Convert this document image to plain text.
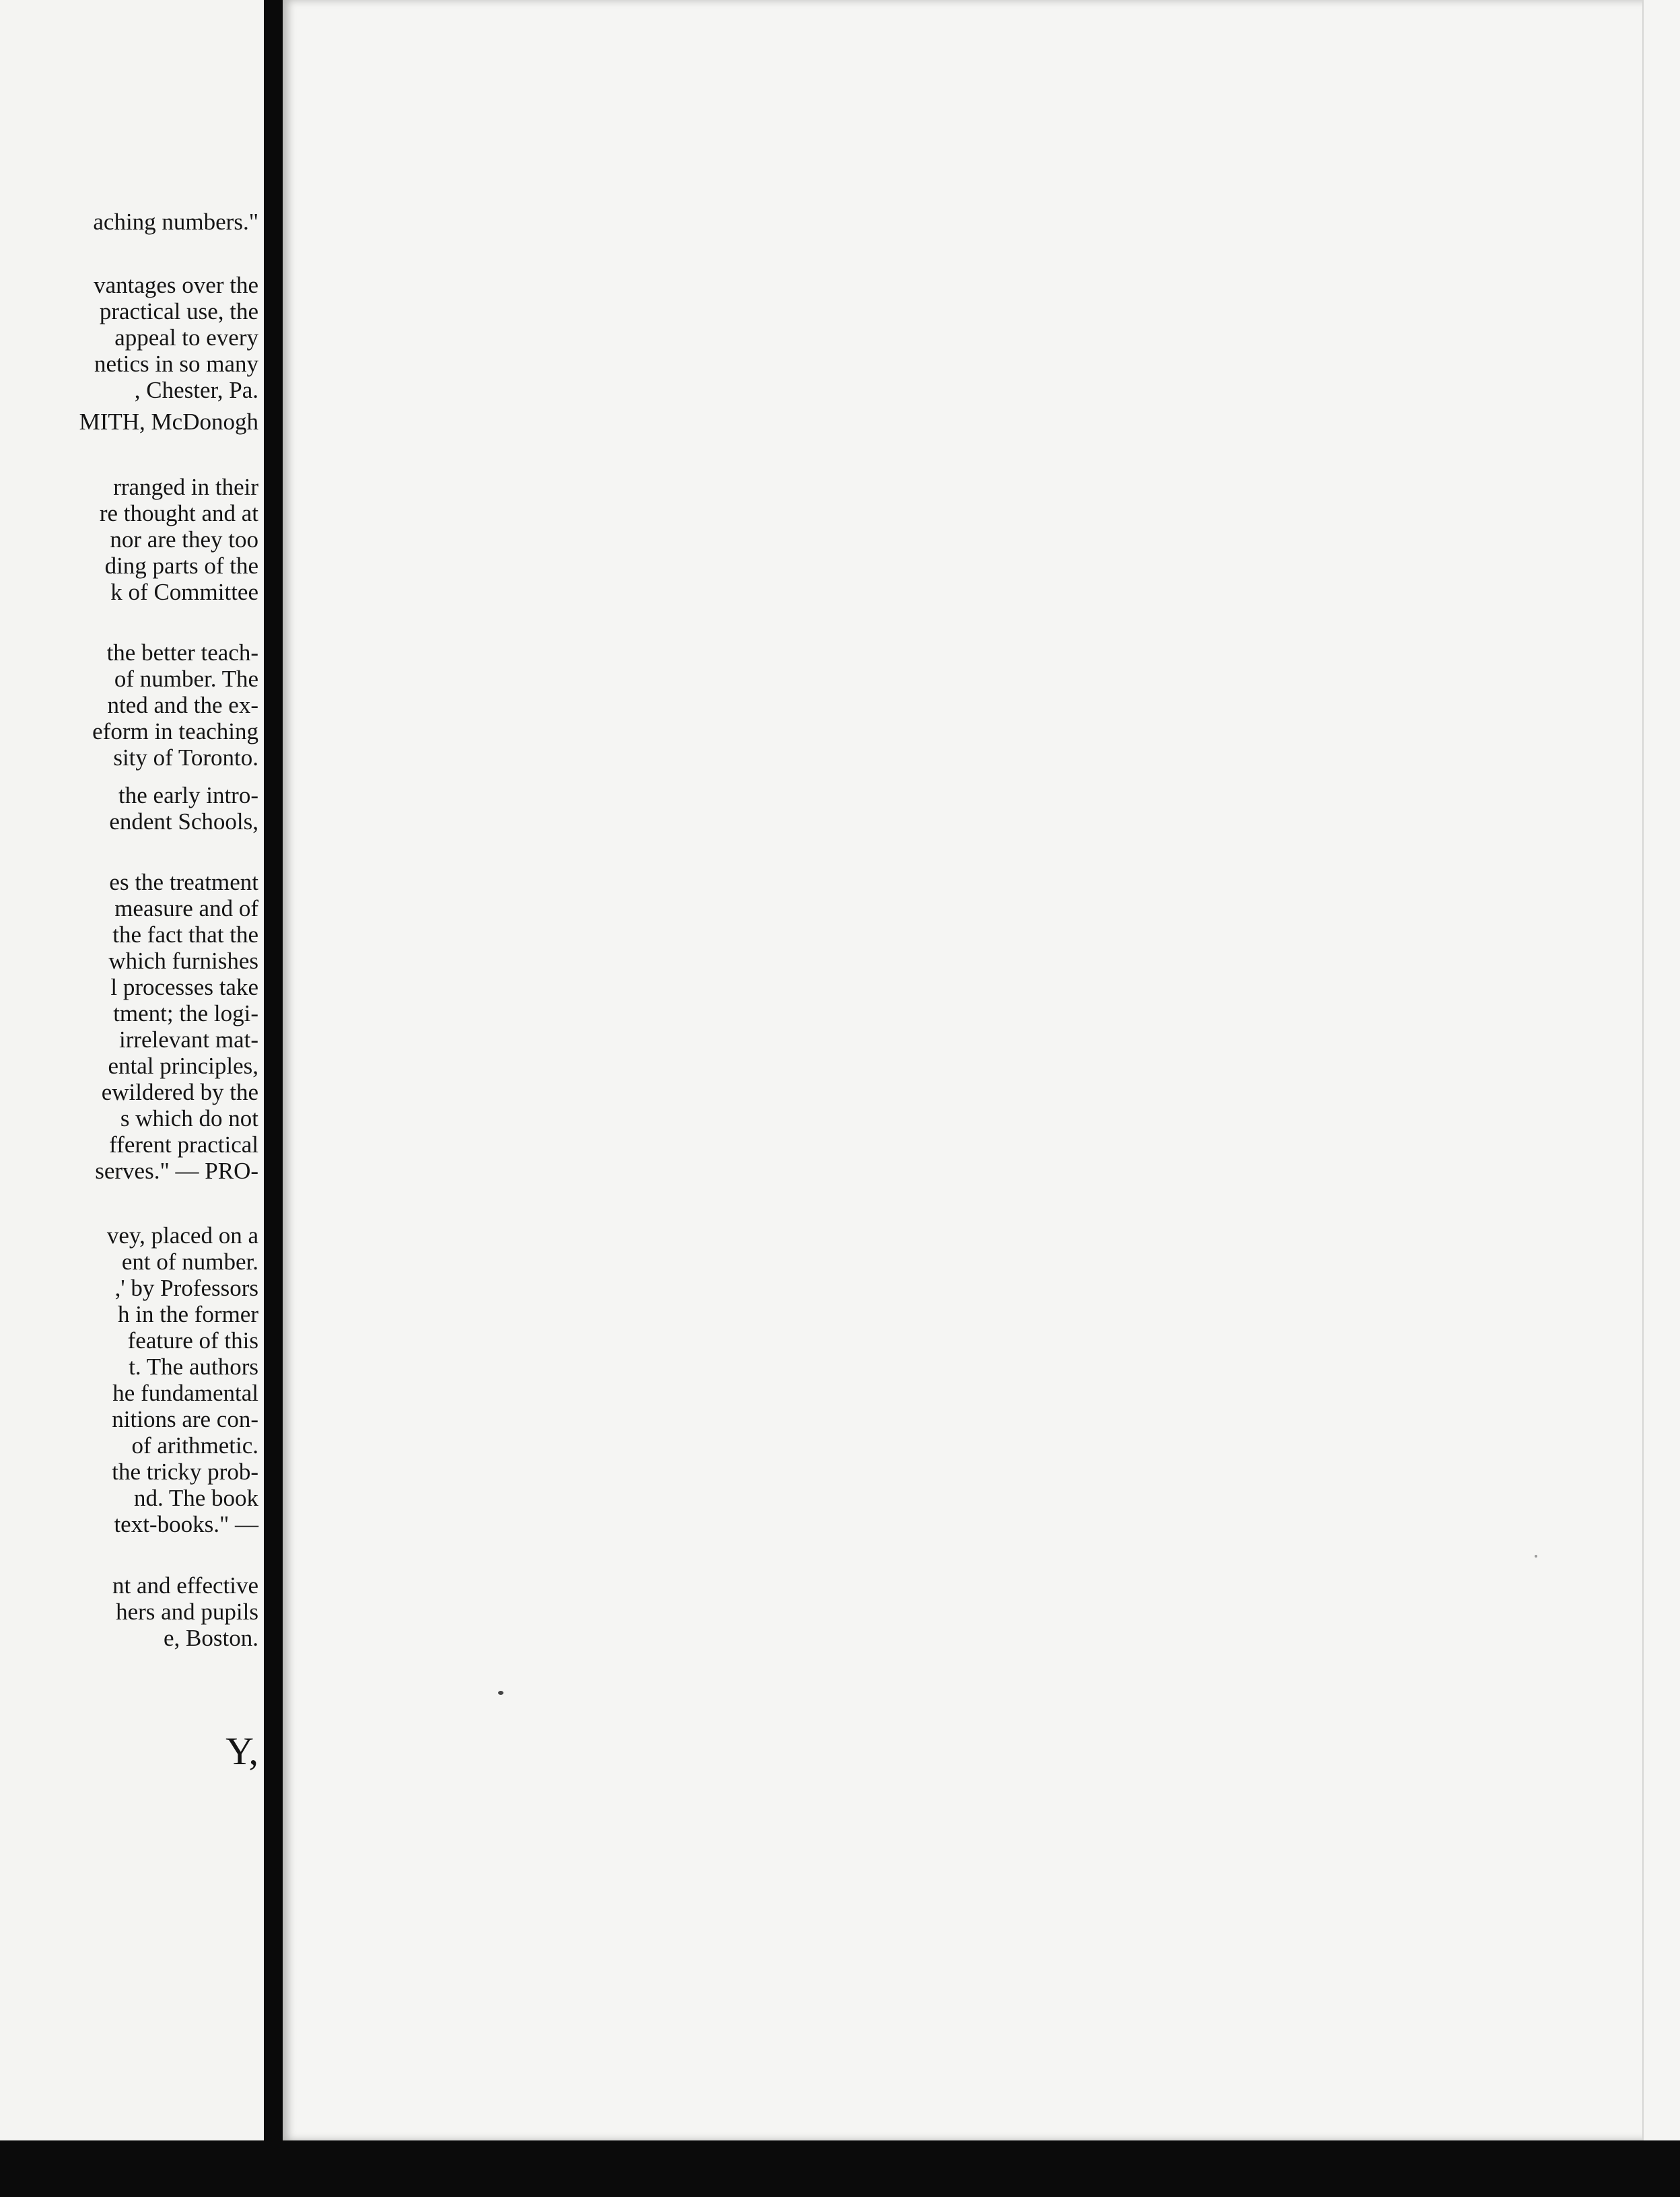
aching numbers."
vantages over the
practical use, the
appeal to every
netics in so many
, Chester, Pa.
MITH, McDonogh
rranged in their
re thought and at
nor are they too
ding parts of the
k of Committee
the better teach-
of number. The
nted and the ex-
eform in teaching
sity of Toronto.
the early intro-
endent Schools,
es the treatment
measure and of
the fact that the
which furnishes
l processes take
tment; the logi-
irrelevant mat-
ental principles,
ewildered by the
s which do not
fferent practical
serves." — PRO-
vey, placed on a
ent of number.
,' by Professors
h in the former
feature of this
t. The authors
he fundamental
nitions are con-
of arithmetic.
the tricky prob-
nd. The book
text-books." —
nt and effective
hers and pupils
e, Boston.
Y,
